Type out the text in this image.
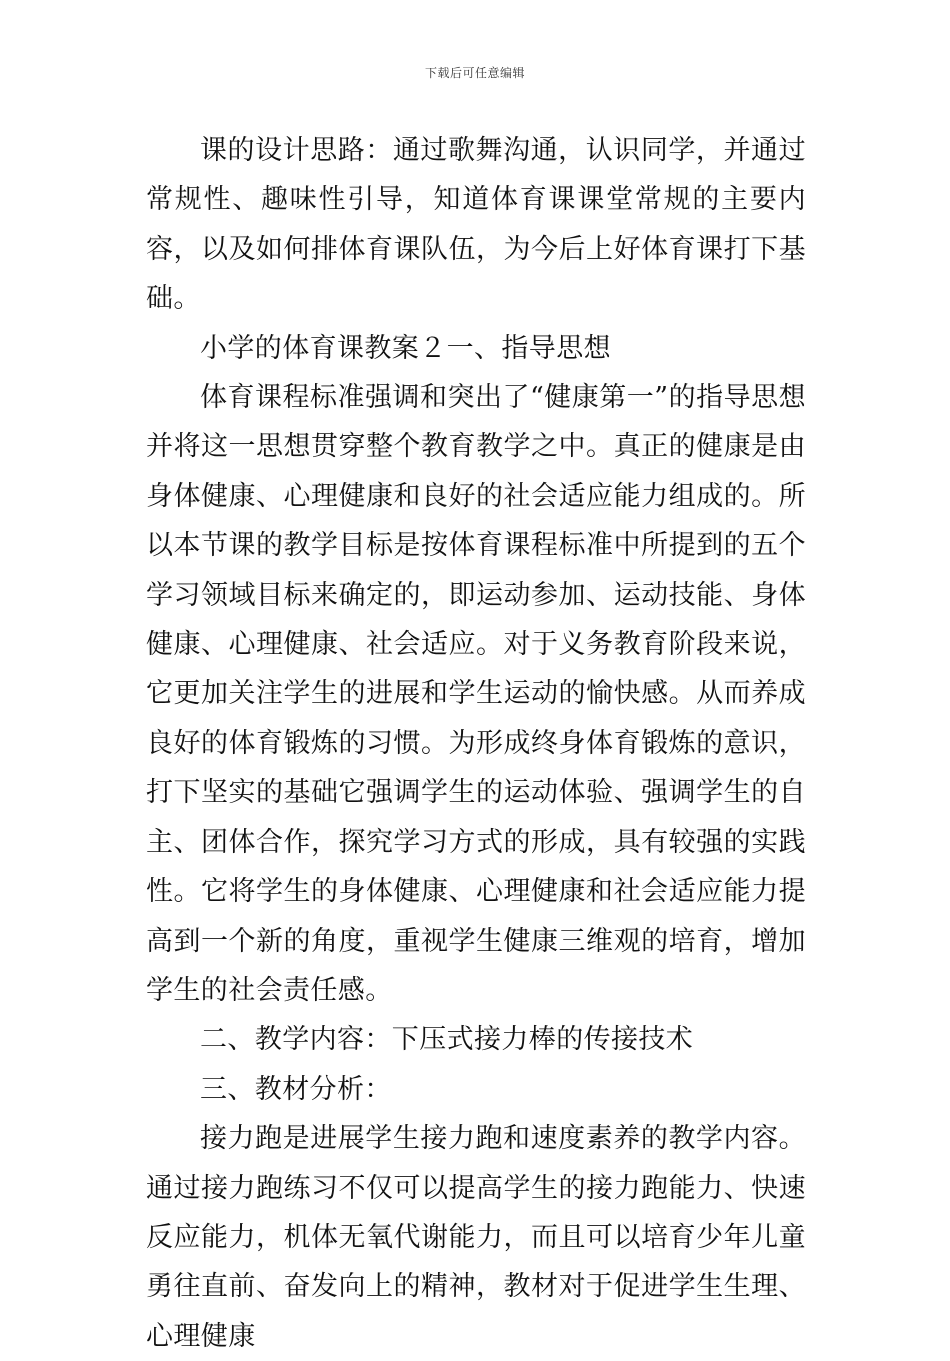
下载后可任意编辑

课的设计思路：通过歌舞沟通，认识同学，并通过常规性、趣味性引导，知道体育课课堂常规的主要内容，以及如何排体育课队伍，为今后上好体育课打下基础。

小学的体育课教案２一、指导思想

体育课程标准强调和突出了“健康第一”的指导思想并将这一思想贯穿整个教育教学之中。真正的健康是由身体健康、心理健康和良好的社会适应能力组成的。所以本节课的教学目标是按体育课程标准中所提到的五个学习领域目标来确定的，即运动参加、运动技能、身体健康、心理健康、社会适应。对于义务教育阶段来说，它更加关注学生的进展和学生运动的愉快感。从而养成良好的体育锻炼的习惯。为形成终身体育锻炼的意识，打下坚实的基础它强调学生的运动体验、强调学生的自主、团体合作，探究学习方式的形成，具有较强的实践性。它将学生的身体健康、心理健康和社会适应能力提高到一个新的角度，重视学生健康三维观的培育，增加学生的社会责任感。

二、教学内容：下压式接力棒的传接技术

三、教材分析：

接力跑是进展学生接力跑和速度素养的教学内容。通过接力跑练习不仅可以提高学生的接力跑能力、快速反应能力，机体无氧代谢能力，而且可以培育少年儿童勇往直前、奋发向上的精神，教材对于促进学生生理、心理健康
